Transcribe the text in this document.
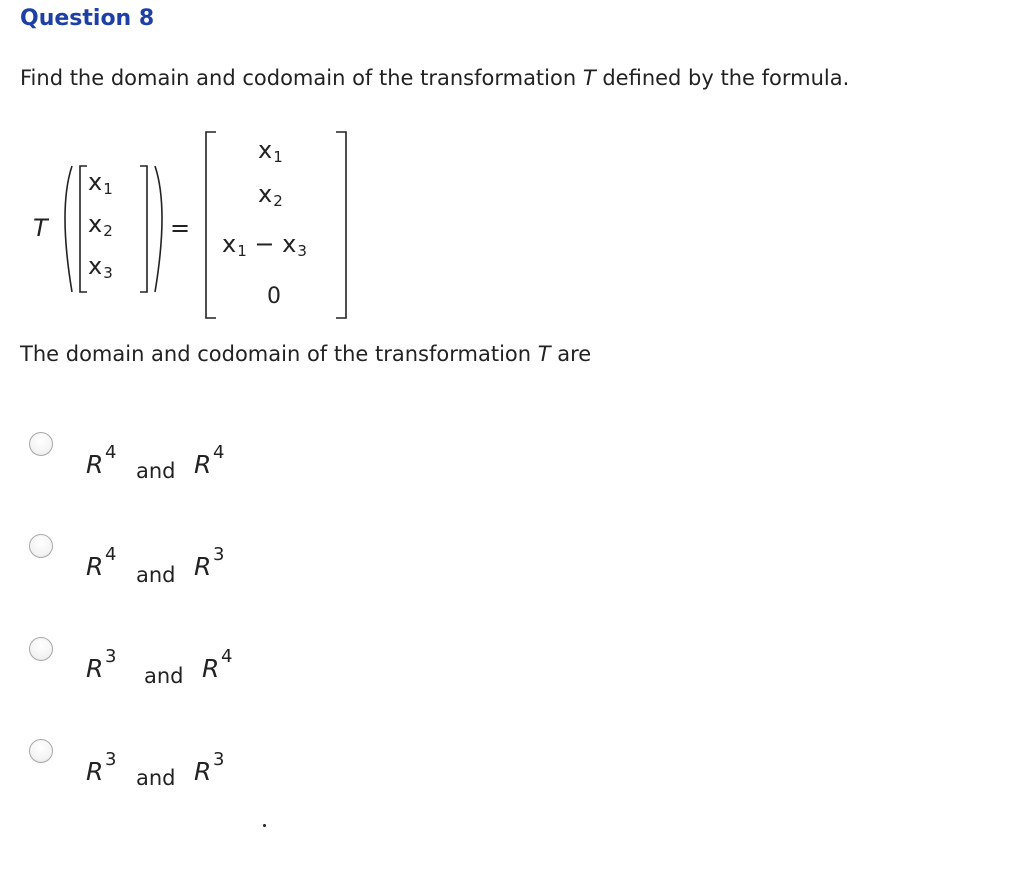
Question 8
Find the domain and codomain of the transformation T defined by the formula.
T
x1
x2
x3
=
x1
x2
x1 − x3
0
The domain and codomain of the transformation T are
R 4
and R 4
R 4
and R 3
R 3
and R 4
R 3
and R 3
